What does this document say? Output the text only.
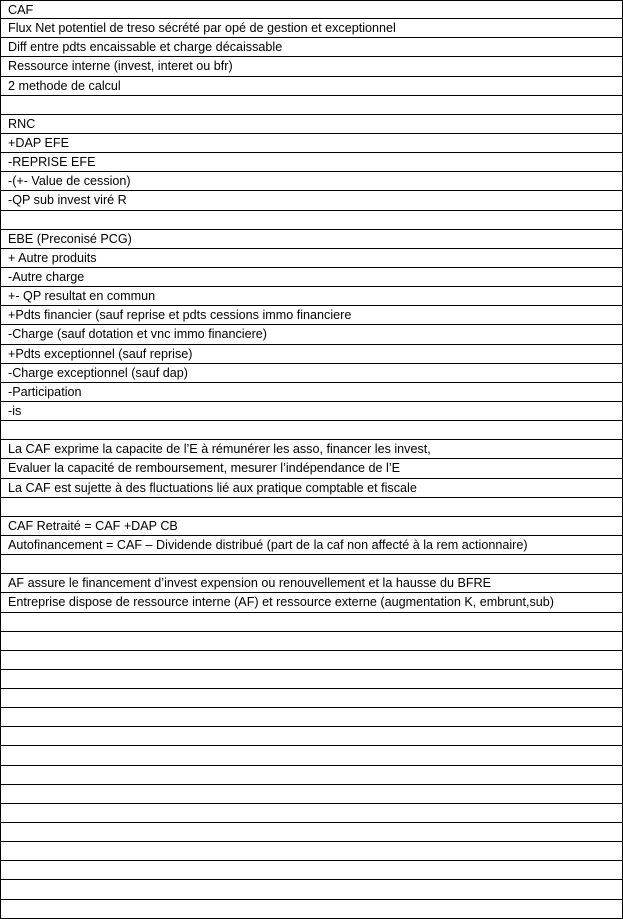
CAF
Flux Net potentiel de treso sécrété par opé de gestion et exceptionnel
Diff entre pdts encaissable et charge décaissable
Ressource interne (invest, interet ou bfr)
2 methode de calcul
RNC
+DAP EFE
-REPRISE EFE
-(+- Value de cession)
-QP sub invest viré R
EBE (Preconisé PCG)
+ Autre produits
-Autre charge
+- QP resultat en commun
+Pdts financier (sauf reprise et pdts cessions immo financiere
-Charge (sauf dotation et vnc immo financiere)
+Pdts exceptionnel (sauf reprise)
-Charge exceptionnel (sauf dap)
-Participation
-is
La CAF exprime la capacite de l’E à rémunérer les asso, financer les invest,
Evaluer la capacité de remboursement, mesurer l’indépendance de l’E
La CAF est sujette à des fluctuations lié aux pratique comptable et fiscale
CAF Retraité = CAF +DAP CB
Autofinancement = CAF – Dividende distribué (part de la caf non affecté à la rem actionnaire)
AF assure le financement d’invest expension ou renouvellement et la hausse du BFRE
Entreprise dispose de ressource interne (AF) et ressource externe (augmentation K, embrunt,sub)
